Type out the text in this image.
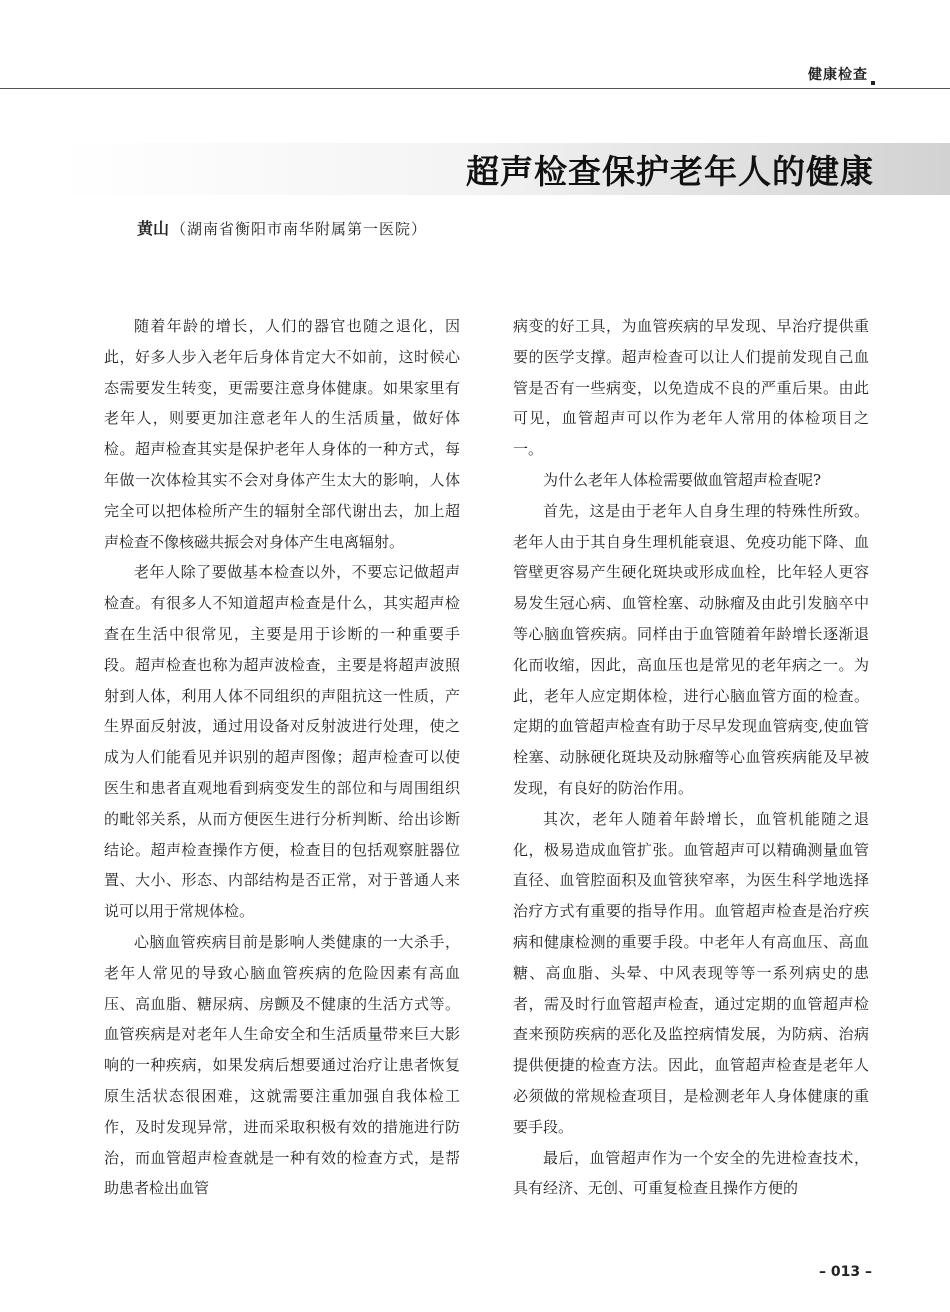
健康检查
超声检查保护老年人的健康
黄山 （湖南省衡阳市南华附属第一医院）

随着年龄的增长，人们的器官也随之退化，因此，好多人步入老年后身体肯定大不如前，这时候心态需要发生转变，更需要注意身体健康。如果家里有老年人，则要更加注意老年人的生活质量，做好体检。超声检查其实是保护老年人身体的一种方式，每年做一次体检其实不会对身体产生太大的影响，人体完全可以把体检所产生的辐射全部代谢出去，加上超声检查不像核磁共振会对身体产生电离辐射。

老年人除了要做基本检查以外，不要忘记做超声检查。有很多人不知道超声检查是什么，其实超声检查在生活中很常见，主要是用于诊断的一种重要手段。超声检查也称为超声波检查，主要是将超声波照射到人体，利用人体不同组织的声阻抗这一性质，产生界面反射波，通过用设备对反射波进行处理，使之成为人们能看见并识别的超声图像；超声检查可以使医生和患者直观地看到病变发生的部位和与周围组织的毗邻关系，从而方便医生进行分析判断、给出诊断结论。超声检查操作方便，检查目的包括观察脏器位置、大小、形态、内部结构是否正常，对于普通人来说可以用于常规体检。

心脑血管疾病目前是影响人类健康的一大杀手，老年人常见的导致心脑血管疾病的危险因素有高血压、高血脂、糖尿病、房颤及不健康的生活方式等。血管疾病是对老年人生命安全和生活质量带来巨大影响的一种疾病，如果发病后想要通过治疗让患者恢复原生活状态很困难，这就需要注重加强自我体检工作，及时发现异常，进而采取积极有效的措施进行防治，而血管超声检查就是一种有效的检查方式，是帮助患者检出血管

病变的好工具，为血管疾病的早发现、早治疗提供重要的医学支撑。超声检查可以让人们提前发现自己血管是否有一些病变，以免造成不良的严重后果。由此可见，血管超声可以作为老年人常用的体检项目之一。

为什么老年人体检需要做血管超声检查呢?

首先，这是由于老年人自身生理的特殊性所致。老年人由于其自身生理机能衰退、免疫功能下降、血管壁更容易产生硬化斑块或形成血栓，比年轻人更容易发生冠心病、血管栓塞、动脉瘤及由此引发脑卒中等心脑血管疾病。同样由于血管随着年龄增长逐渐退化而收缩，因此，高血压也是常见的老年病之一。为此，老年人应定期体检，进行心脑血管方面的检查。定期的血管超声检查有助于尽早发现血管病变,使血管栓塞、动脉硬化斑块及动脉瘤等心血管疾病能及早被发现，有良好的防治作用。

其次，老年人随着年龄增长，血管机能随之退化，极易造成血管扩张。血管超声可以精确测量血管直径、血管腔面积及血管狭窄率，为医生科学地选择治疗方式有重要的指导作用。血管超声检查是治疗疾病和健康检测的重要手段。中老年人有高血压、高血糖、高血脂、头晕、中风表现等等一系列病史的患者，需及时行血管超声检查，通过定期的血管超声检查来预防疾病的恶化及监控病情发展，为防病、治病提供便捷的检查方法。因此，血管超声检查是老年人必须做的常规检查项目，是检测老年人身体健康的重要手段。

最后，血管超声作为一个安全的先进检查技术，具有经济、无创、可重复检查且操作方便的

– 013 –
